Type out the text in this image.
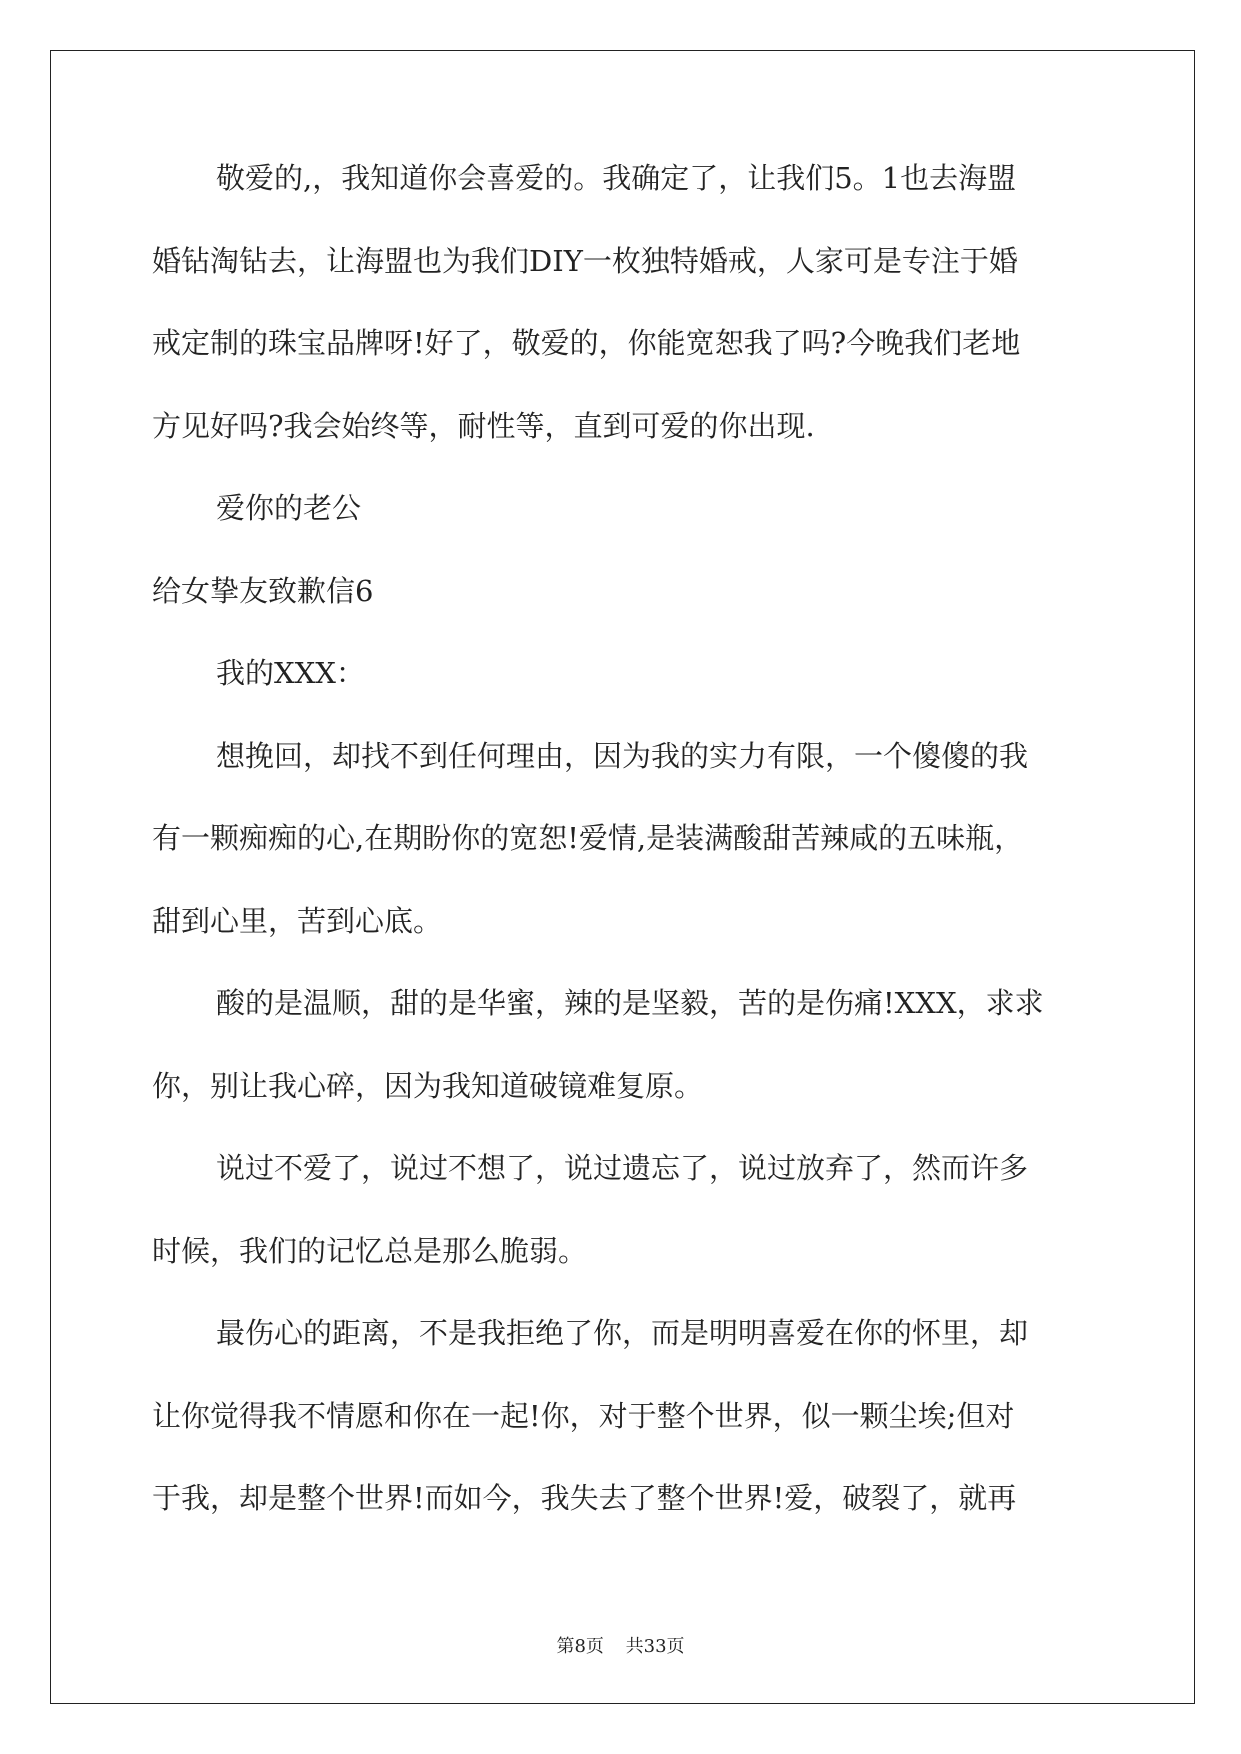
敬爱的,，我知道你会喜爱的。我确定了，让我们5。1也去海盟
婚钻淘钻去，让海盟也为我们DIY一枚独特婚戒，人家可是专注于婚
戒定制的珠宝品牌呀!好了，敬爱的，你能宽恕我了吗?今晚我们老地
方见好吗?我会始终等，耐性等，直到可爱的你出现.
爱你的老公
给女挚友致歉信6
我的XXX：
想挽回，却找不到任何理由，因为我的实力有限，一个傻傻的我
有一颗痴痴的心,在期盼你的宽恕!爱情,是装满酸甜苦辣咸的五味瓶，
甜到心里，苦到心底。
酸的是温顺，甜的是华蜜，辣的是坚毅，苦的是伤痛!XXX，求求
你，别让我心碎，因为我知道破镜难复原。
说过不爱了，说过不想了，说过遗忘了，说过放弃了，然而许多
时候，我们的记忆总是那么脆弱。
最伤心的距离，不是我拒绝了你，而是明明喜爱在你的怀里，却
让你觉得我不情愿和你在一起!你，对于整个世界，似一颗尘埃;但对
于我，却是整个世界!而如今，我失去了整个世界!爱，破裂了，就再
第8页 共33页
